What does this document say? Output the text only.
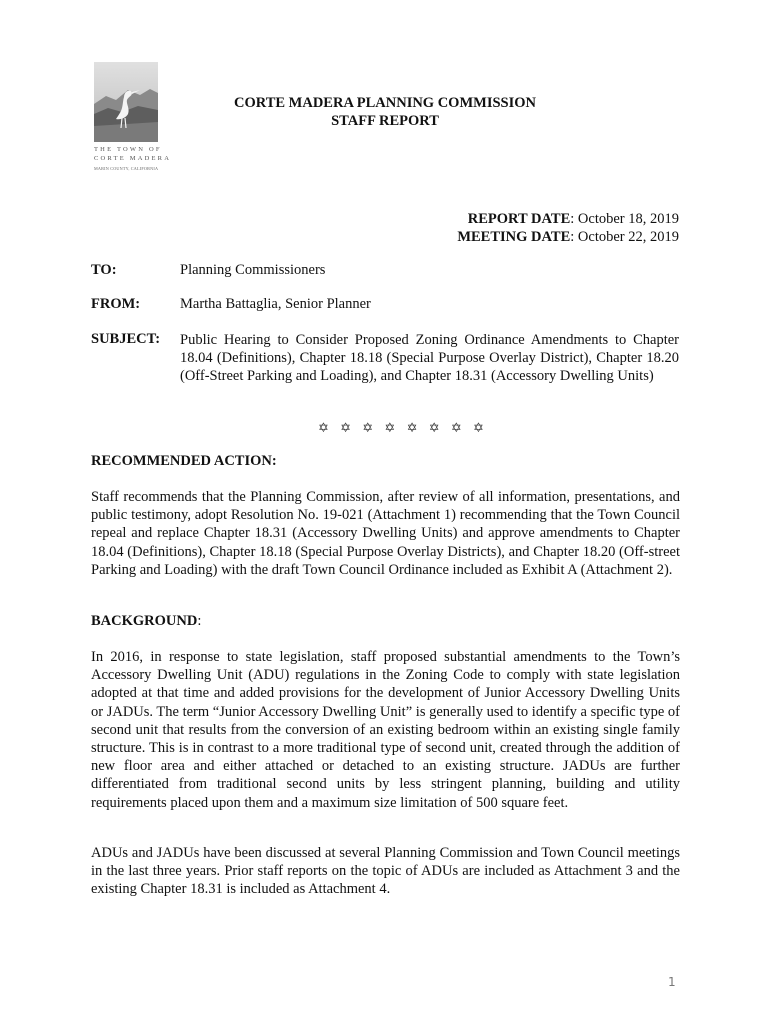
THE TOWN OF
CORTE MADERA
MARIN COUNTY, CALIFORNIA
CORTE MADERA PLANNING COMMISSION
STAFF REPORT
REPORT DATE: October 18, 2019
MEETING DATE: October 22, 2019
TO:	Planning Commissioners
FROM:	Martha Battaglia, Senior Planner
SUBJECT: Public Hearing to Consider Proposed Zoning Ordinance Amendments to Chapter 18.04 (Definitions), Chapter 18.18 (Special Purpose Overlay District), Chapter 18.20 (Off-Street Parking and Loading), and Chapter 18.31 (Accessory Dwelling Units)
✡ ✡ ✡ ✡ ✡ ✡ ✡ ✡
RECOMMENDED ACTION:
Staff recommends that the Planning Commission, after review of all information, presentations, and public testimony, adopt Resolution No. 19-021 (Attachment 1) recommending that the Town Council repeal and replace Chapter 18.31 (Accessory Dwelling Units) and approve amendments to Chapter 18.04 (Definitions), Chapter 18.18 (Special Purpose Overlay Districts), and Chapter 18.20 (Off-street Parking and Loading) with the draft Town Council Ordinance included as Exhibit A (Attachment 2).
BACKGROUND:
In 2016, in response to state legislation, staff proposed substantial amendments to the Town’s Accessory Dwelling Unit (ADU) regulations in the Zoning Code to comply with state legislation adopted at that time and added provisions for the development of Junior Accessory Dwelling Units or JADUs. The term “Junior Accessory Dwelling Unit” is generally used to identify a specific type of second unit that results from the conversion of an existing bedroom within an existing single family structure. This is in contrast to a more traditional type of second unit, created through the addition of new floor area and either attached or detached to an existing structure. JADUs are further differentiated from traditional second units by less stringent planning, building and utility requirements placed upon them and a maximum size limitation of 500 square feet.
ADUs and JADUs have been discussed at several Planning Commission and Town Council meetings in the last three years. Prior staff reports on the topic of ADUs are included as Attachment 3 and the existing Chapter 18.31 is included as Attachment 4.
1
